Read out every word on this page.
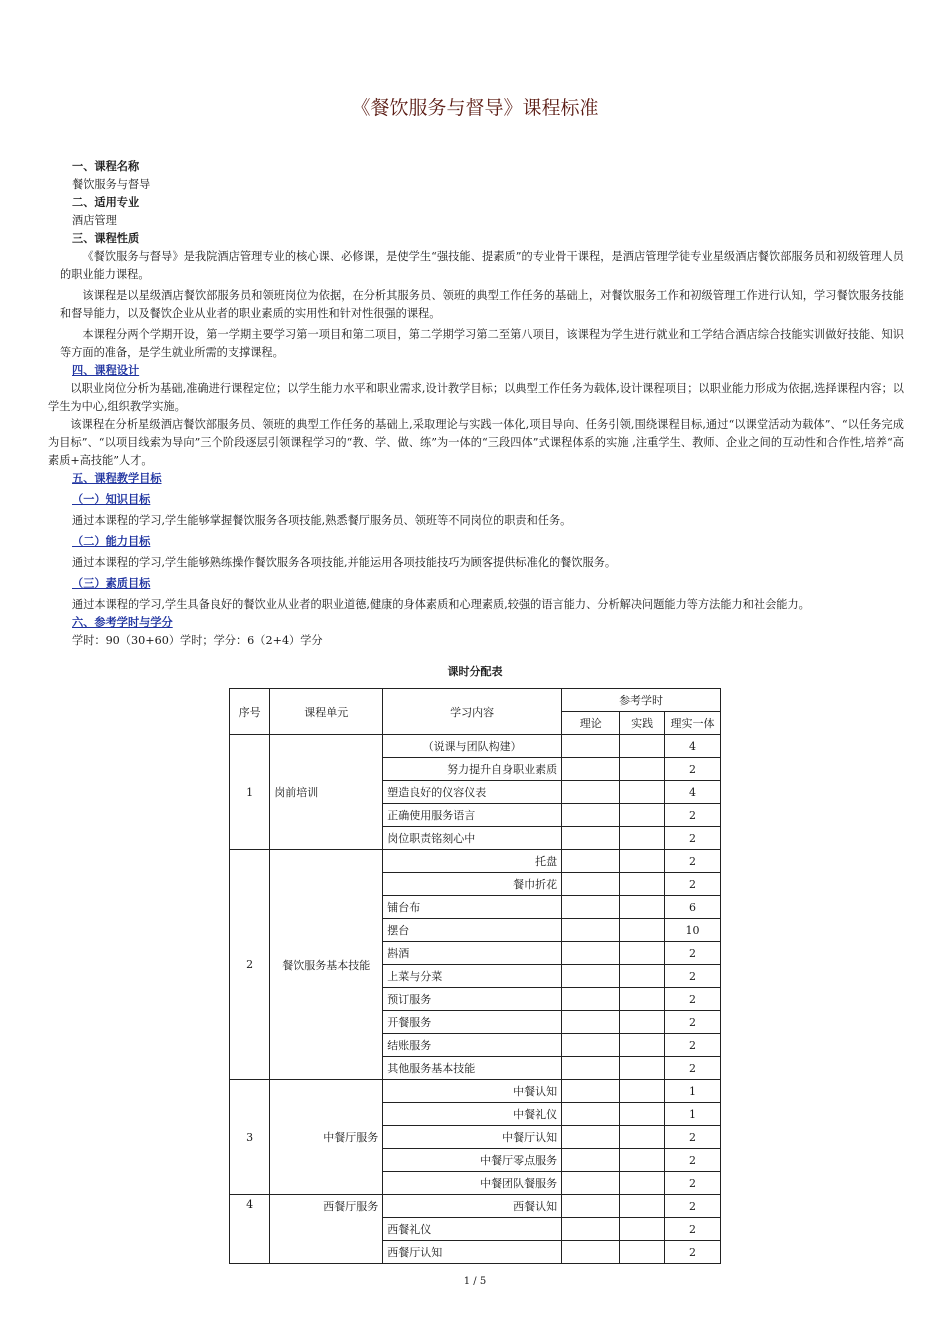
《餐饮服务与督导》课程标准
一、课程名称
餐饮服务与督导
二、适用专业
酒店管理
三、课程性质
《餐饮服务与督导》是我院酒店管理专业的核心课、必修课，是使学生“强技能、提素质”的专业骨干课程，是酒店管理学徒专业星级酒店餐饮部服务员和初级管理人员的职业能力课程。
该课程是以星级酒店餐饮部服务员和领班岗位为依据，在分析其服务员、领班的典型工作任务的基础上，对餐饮服务工作和初级管理工作进行认知，学习餐饮服务技能和督导能力，以及餐饮企业从业者的职业素质的实用性和针对性很强的课程。
本课程分两个学期开设，第一学期主要学习第一项目和第二项目，第二学期学习第二至第八项目，该课程为学生进行就业和工学结合酒店综合技能实训做好技能、知识等方面的准备，是学生就业所需的支撑课程。
四、课程设计
以职业岗位分析为基础,准确进行课程定位；以学生能力水平和职业需求,设计教学目标；以典型工作任务为载体,设计课程项目；以职业能力形成为依据,选择课程内容；以学生为中心,组织教学实施。
该课程在分析星级酒店餐饮部服务员、领班的典型工作任务的基础上,采取理论与实践一体化,项目导向、任务引领,围绕课程目标,通过“以课堂活动为载体”、“以任务完成为目标”、“以项目线索为导向”三个阶段逐层引领课程学习的“教、学、做、练”为一体的“三段四体”式课程体系的实施 ,注重学生、教师、企业之间的互动性和合作性,培养“高素质+高技能”人才。
五、课程教学目标
（一）知识目标
通过本课程的学习,学生能够掌握餐饮服务各项技能,熟悉餐厅服务员、领班等不同岗位的职责和任务。
（二）能力目标
通过本课程的学习,学生能够熟练操作餐饮服务各项技能,并能运用各项技能技巧为顾客提供标准化的餐饮服务。
（三）素质目标
通过本课程的学习,学生具备良好的餐饮业从业者的职业道德,健康的身体素质和心理素质,较强的语言能力、分析解决问题能力等方法能力和社会能力。
六、参考学时与学分
学时：90（30+60）学时；学分：6（2+4）学分
课时分配表
序号	课程单元	学习内容	参考学时		
			理论	实践	理实一体
1	岗前培训	（说课与团队构建）			4
		努力提升自身职业素质			2
		塑造良好的仪容仪表			4
		正确使用服务语言			2
		岗位职责铭刻心中			2
2	餐饮服务基本技能	托盘			2
		餐巾折花			2
		铺台布			6
		摆台			10
		斟酒			2
		上菜与分菜			2
		预订服务			2
		开餐服务			2
		结账服务			2
		其他服务基本技能			2
3	中餐厅服务	中餐认知			1
		中餐礼仪			1
		中餐厅认知			2
		中餐厅零点服务			2
		中餐团队餐服务			2
4	西餐厅服务	西餐认知			2
		西餐礼仪			2
		西餐厅认知			2
1 / 5
